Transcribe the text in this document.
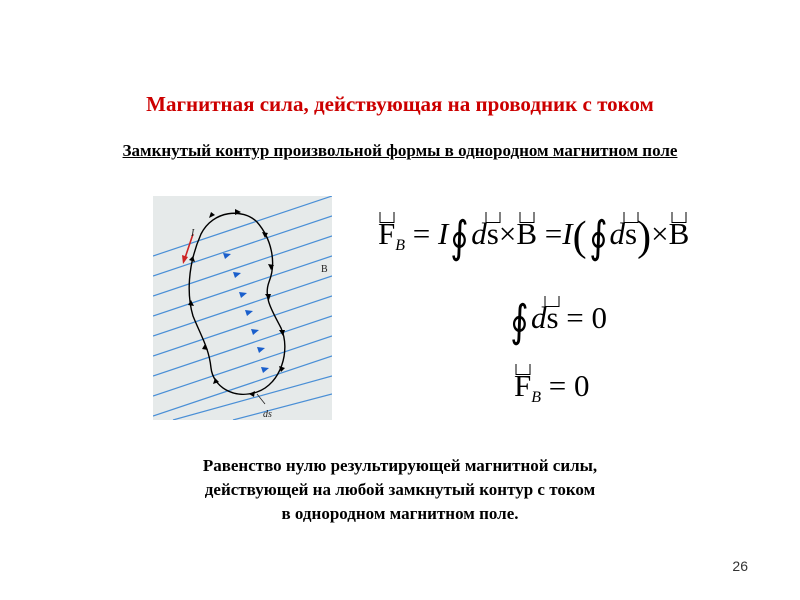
Магнитная сила, действующая на проводник с током
Замкнутый контур произвольной формы в однородном магнитном поле
I
B
ds
$F_B$ = I∮d
s×
B =I(∮d
s)×
B
∮d
s = 0
$F_B = 0$
Равенство нулю результирующей магнитной силы,
действующей на любой замкнутый контур с током
в однородном магнитном поле.
26
